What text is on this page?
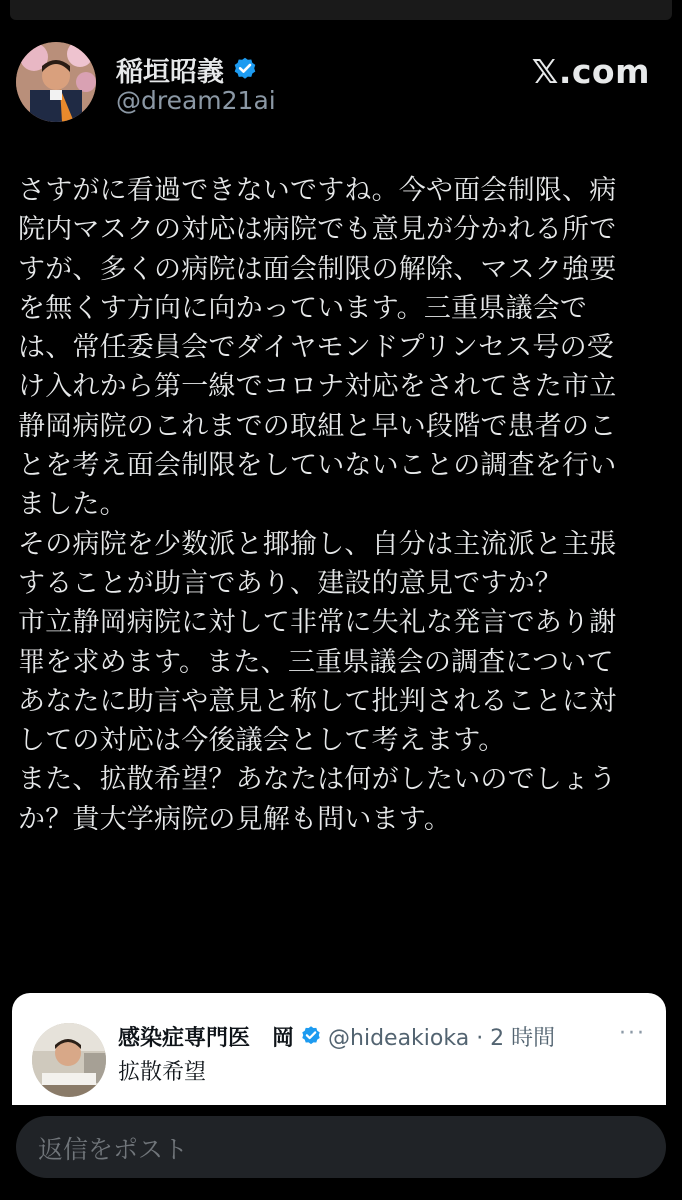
稲垣昭義
@dream21ai
𝕏.com
さすがに看過できないですね。今や面会制限、病
院内マスクの対応は病院でも意見が分かれる所で
すが、多くの病院は面会制限の解除、マスク強要
を無くす方向に向かっています。三重県議会で
は、常任委員会でダイヤモンドプリンセス号の受
け入れから第一線でコロナ対応をされてきた市立
静岡病院のこれまでの取組と早い段階で患者のこ
とを考え面会制限をしていないことの調査を行い
ました。
その病院を少数派と揶揄し、自分は主流派と主張
することが助言であり、建設的意見ですか？
市立静岡病院に対して非常に失礼な発言であり謝
罪を求めます。また、三重県議会の調査について
あなたに助言や意見と称して批判されることに対
しての対応は今後議会として考えます。
また、拡散希望？あなたは何がしたいのでしょう
か？貴大学病院の見解も問います。
感染症専門医　岡 @hideakioka · 2 時間	···
拡散希望
返信をポスト
